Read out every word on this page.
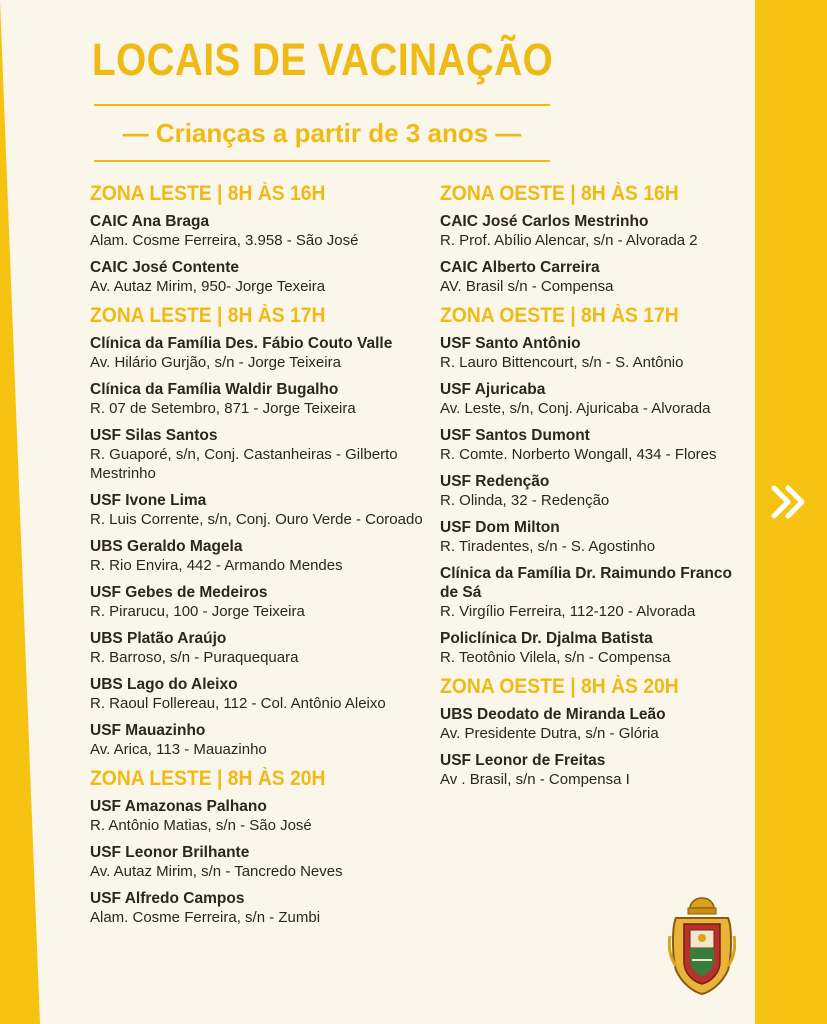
LOCAIS DE VACINAÇÃO
— Crianças a partir de 3 anos —
ZONA LESTE | 8H ÀS 16H
CAIC Ana Braga
Alam. Cosme Ferreira, 3.958 - São José
CAIC José Contente
Av. Autaz Mirim, 950- Jorge Texeira
ZONA LESTE | 8H ÀS 17H
Clínica da Família Des. Fábio Couto Valle
Av. Hilário Gurjão, s/n - Jorge Teixeira
Clínica da Família Waldir Bugalho
R. 07 de Setembro, 871 - Jorge Teixeira
USF Silas Santos
R. Guaporé, s/n, Conj. Castanheiras - Gilberto Mestrinho
USF Ivone Lima
R. Luis Corrente, s/n, Conj. Ouro Verde - Coroado
UBS Geraldo Magela
R. Rio Envira, 442 - Armando Mendes
USF Gebes de Medeiros
R. Pirarucu, 100 - Jorge Teixeira
UBS Platão Araújo
R. Barroso, s/n - Puraquequara
UBS Lago do Aleixo
R. Raoul Follereau, 112 - Col. Antônio Aleixo
USF Mauazinho
Av. Arica, 113 - Mauazinho
ZONA LESTE | 8H ÀS 20H
USF Amazonas Palhano
R. Antônio Matias, s/n - São José
USF Leonor Brilhante
Av. Autaz Mirim, s/n - Tancredo Neves
USF Alfredo Campos
Alam. Cosme Ferreira, s/n - Zumbi
ZONA OESTE | 8H ÀS 16H
CAIC José Carlos Mestrinho
R. Prof. Abílio Alencar, s/n - Alvorada 2
CAIC Alberto Carreira
AV. Brasil s/n - Compensa
ZONA OESTE | 8H ÀS 17H
USF Santo Antônio
R. Lauro Bittencourt, s/n - S. Antônio
USF Ajuricaba
Av. Leste, s/n, Conj. Ajuricaba - Alvorada
USF Santos Dumont
R. Comte. Norberto Wongall, 434 - Flores
USF Redenção
R. Olinda, 32 - Redenção
USF Dom Milton
R. Tiradentes, s/n - S. Agostinho
Clínica da Família Dr. Raimundo Franco de Sá
R. Virgílio Ferreira, 112-120 - Alvorada
Policlínica Dr. Djalma Batista
R. Teotônio Vilela, s/n - Compensa
ZONA OESTE | 8H ÀS 20H
UBS Deodato de Miranda Leão
Av. Presidente Dutra, s/n - Glória
USF Leonor de Freitas
Av . Brasil, s/n - Compensa I
